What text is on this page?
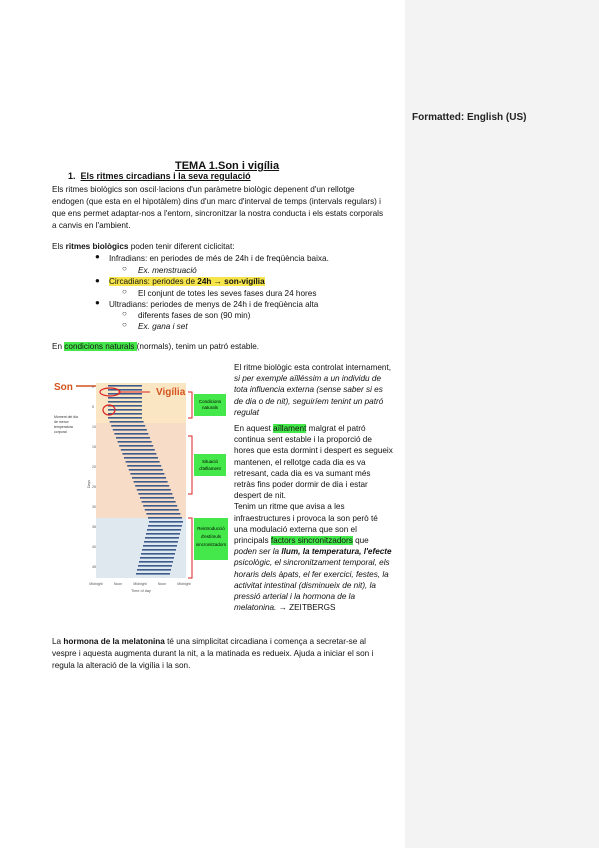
Formatted: English (US)
TEMA 1.Son i vigília
1. Els ritmes circadians i la seva regulació
Els ritmes biològics son oscil·lacions d'un paràmetre biològic depenent d'un rellotge
endogen (que esta en el hipotàlem) dins d'un marc d'interval de temps (intervals regulars) i
que ens permet adaptar-nos a l'entorn, sincronitzar la nostra conducta i els estats corporals
a canvis en l'ambient.
Els ritmes biològics poden tenir diferent ciclicitat:
● Infradians: en periodes de més de 24h i de freqüència baixa.
○ Ex. menstruació
● Circadians: periodes de 24h → son-vigília
○ El conjunt de totes les seves fases dura 24 hores
● Ultradians: periodes de menys de 24h i de freqüència alta
○ diferents fases de son (90 min)
○ Ex. gana i set
En condicions naturals (normals), tenim un patró estable.
Son	Vigília
Moment del dia
de menor
temperatura
corporal
0
5
10
15
20
25
30
35
40
45
Days
Midnight	Noon	Midnight	Noon	Midnight
Time of day
Condicions
naturals
Situació
d'aïllament
Reintroducció
d'estímuls
sincronitzadors
El ritme biològic esta controlat internament,
si per exemple aïlléssim a un individu de
tota influencia externa (sense saber si es
de dia o de nit), seguiríem tenint un patró
regulat
En aquest aïllament malgrat el patró
continua sent estable i la proporció de
hores que esta dormint i despert es segueix
mantenen, el rellotge cada dia es va
retresant, cada dia es va sumant més
retràs fins poder dormir de dia i estar
despert de nit.
Tenim un ritme que avisa a les
infraestructures i provoca la son però té
una modulació externa que son el
principals factors sincronitzadors que
poden ser la llum, la temperatura, l'efecte
psicològic, el sincronitzament temporal, els
horaris dels àpats, el fer exercici, festes, la
activitat intestinal (disminueix de nit), la
pressió arterial i la hormona de la
melatonina. → ZEITBERGS
La hormona de la melatonina té una simplicitat circadiana i comença a secretar-se al
vespre i aquesta augmenta durant la nit, a la matinada es redueix. Ajuda a iniciar el son i
regula la alteració de la vigília i la son.
